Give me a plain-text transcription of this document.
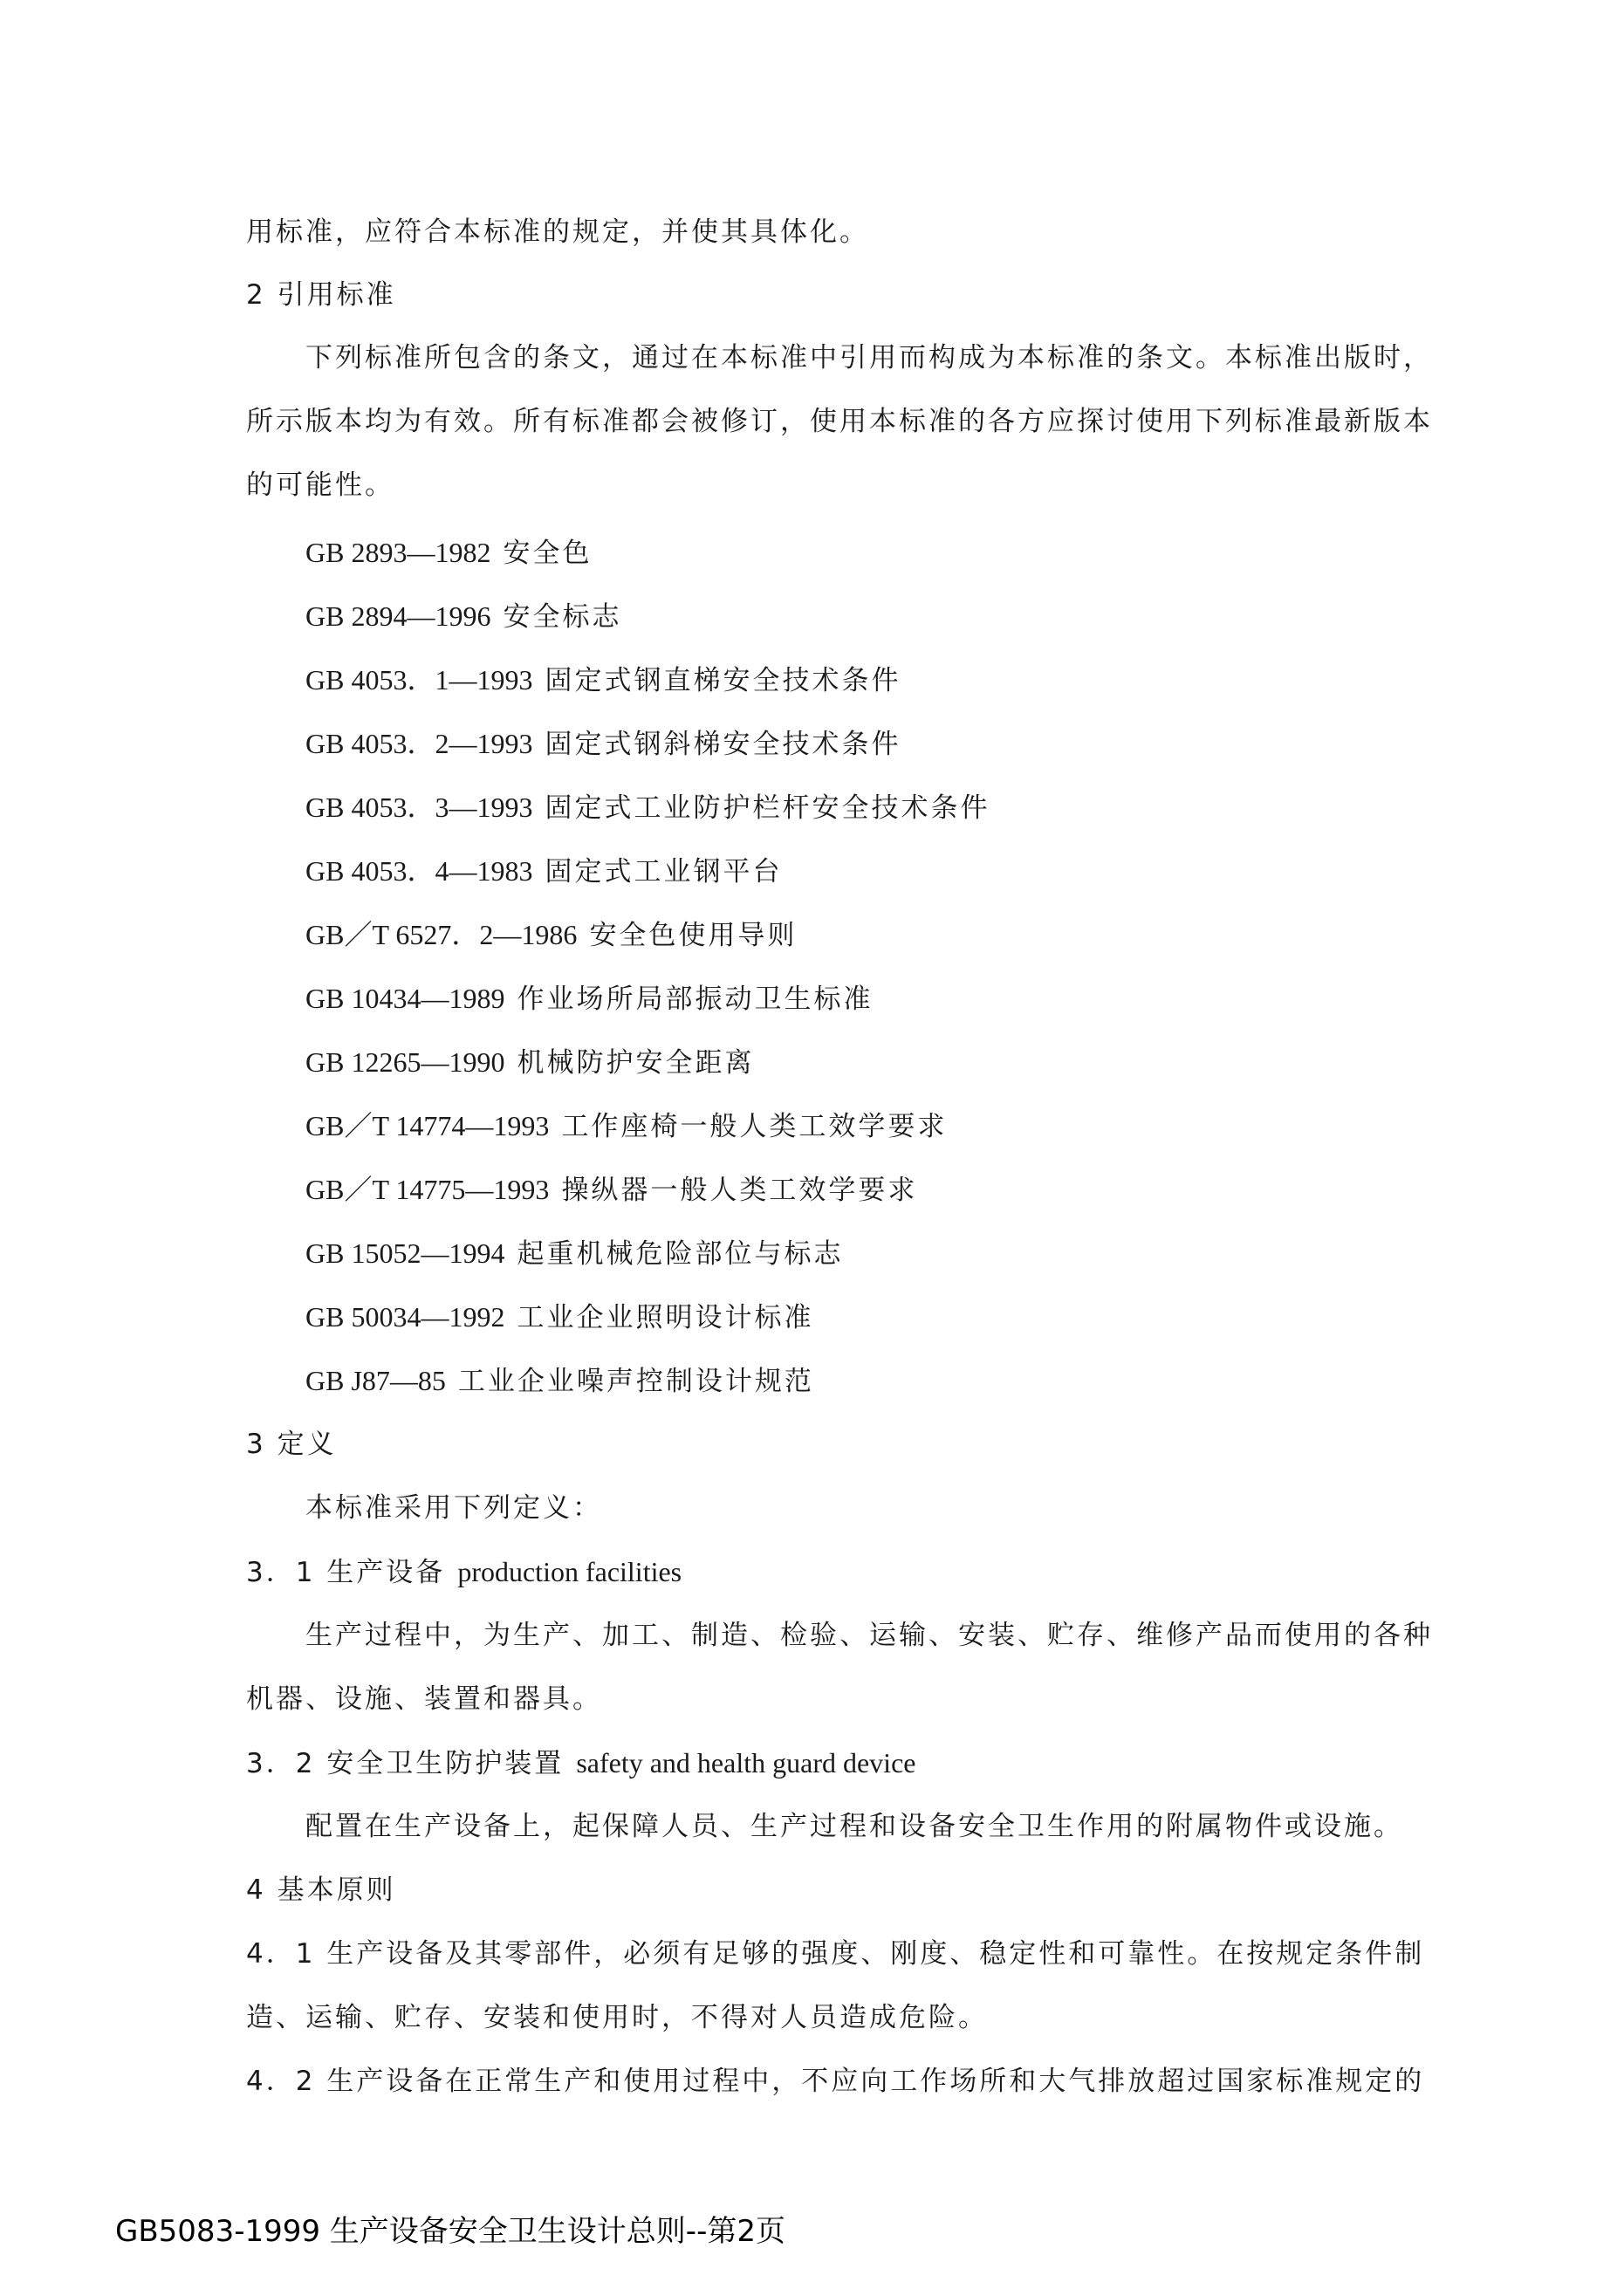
用标准，应符合本标准的规定，并使其具体化。
2 引用标准
下列标准所包含的条文，通过在本标准中引用而构成为本标准的条文。本标准出版时，
所示版本均为有效。所有标准都会被修订，使用本标准的各方应探讨使用下列标准最新版本
的可能性。
GB 2893—1982 安全色
GB 2894—1996 安全标志
GB 4053．1—1993 固定式钢直梯安全技术条件
GB 4053．2—1993 固定式钢斜梯安全技术条件
GB 4053．3—1993 固定式工业防护栏杆安全技术条件
GB 4053．4—1983 固定式工业钢平台
GB／T 6527．2—1986 安全色使用导则
GB 10434—1989 作业场所局部振动卫生标准
GB 12265—1990 机械防护安全距离
GB／T 14774—1993 工作座椅一般人类工效学要求
GB／T 14775—1993 操纵器一般人类工效学要求
GB 15052—1994 起重机械危险部位与标志
GB 50034—1992 工业企业照明设计标准
GB J87—85 工业企业噪声控制设计规范
3 定义
本标准采用下列定义：
3．1 生产设备 production facilities
生产过程中，为生产、加工、制造、检验、运输、安装、贮存、维修产品而使用的各种
机器、设施、装置和器具。
3．2 安全卫生防护装置 safety and health guard device
配置在生产设备上，起保障人员、生产过程和设备安全卫生作用的附属物件或设施。
4 基本原则
4．1 生产设备及其零部件，必须有足够的强度、刚度、稳定性和可靠性。在按规定条件制
造、运输、贮存、安装和使用时，不得对人员造成危险。
4．2 生产设备在正常生产和使用过程中，不应向工作场所和大气排放超过国家标准规定的
GB5083-1999 生产设备安全卫生设计总则--第2页
